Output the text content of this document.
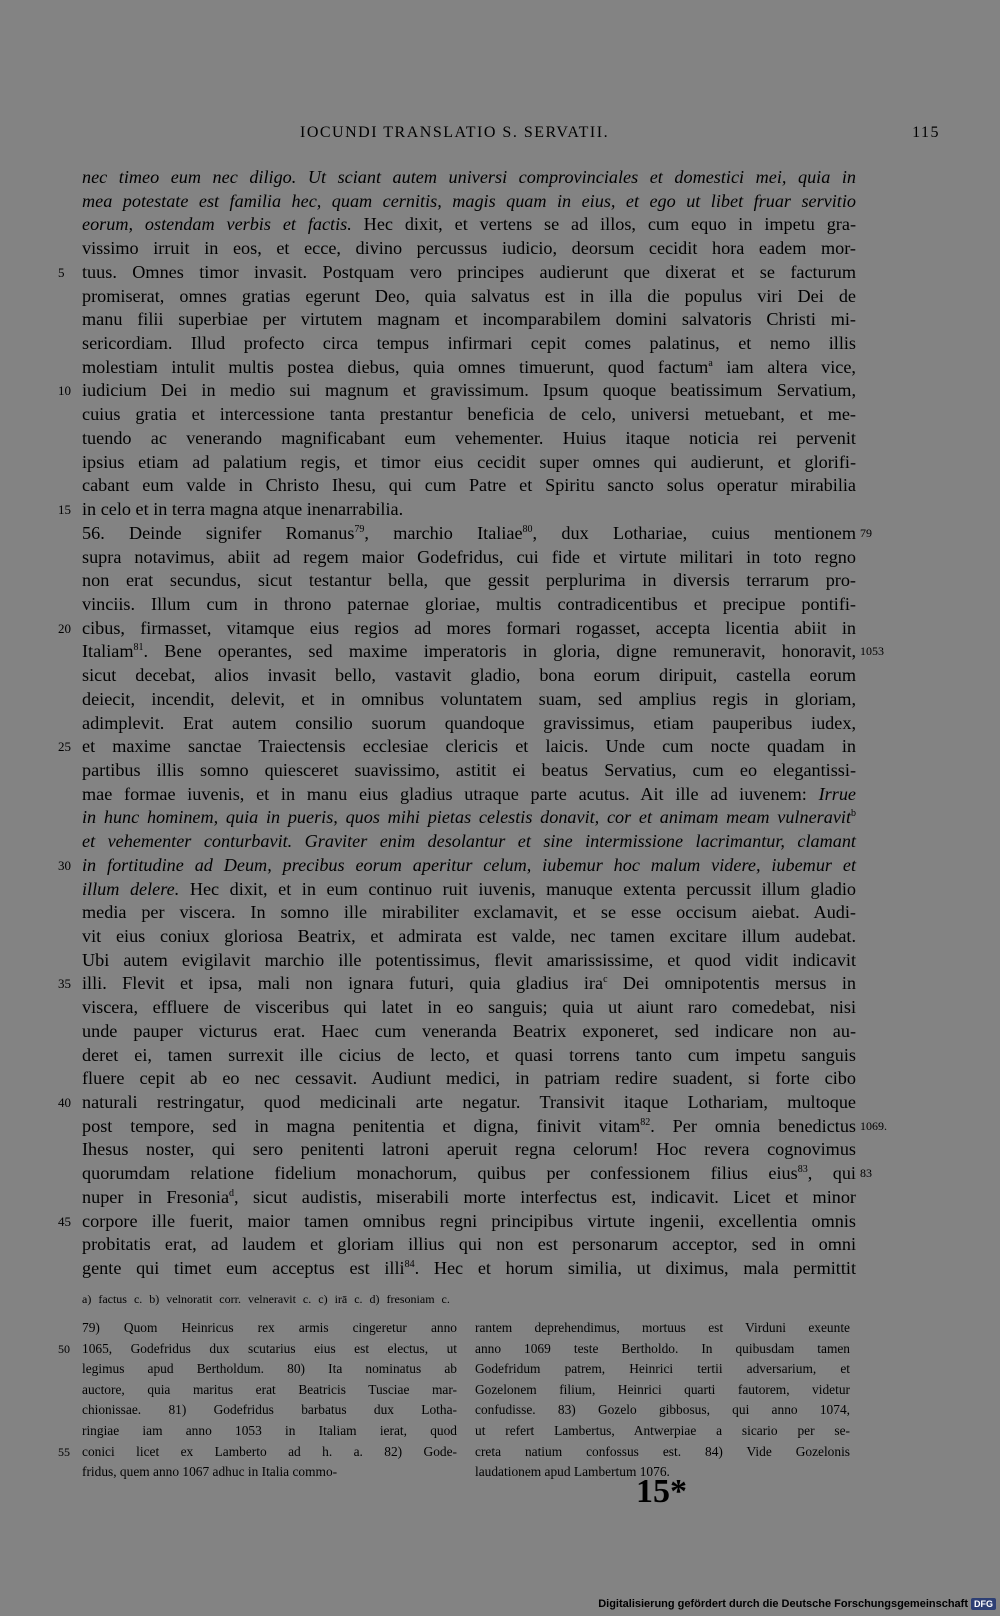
IOCUNDI TRANSLATIO S. SERVATII.	115
nec timeo eum nec diligo. Ut sciant autem universi comprovinciales et domestici mei, quia in
mea potestate est familia hec, quam cernitis, magis quam in eius, et ego ut libet fruar servitio
eorum, ostendam verbis et factis. Hec dixit, et vertens se ad illos, cum equo in impetu gra-
vissimo irruit in eos, et ecce, divino percussus iudicio, deorsum cecidit hora eadem mor-
5 tuus. Omnes timor invasit. Postquam vero principes audierunt que dixerat et se facturum
promiserat, omnes gratias egerunt Deo, quia salvatus est in illa die populus viri Dei de
manu filii superbiae per virtutem magnam et incomparabilem domini salvatoris Christi mi-
sericordiam. Illud profecto circa tempus infirmari cepit comes palatinus, et nemo illis
molestiam intulit multis postea diebus, quia omnes timuerunt, quod factum$^a$ iam altera vice,
10 iudicium Dei in medio sui magnum et gravissimum. Ipsum quoque beatissimum Servatium,
cuius gratia et intercessione tanta prestantur beneficia de celo, universi metuebant, et me-
tuendo ac venerando magnificabant eum vehementer. Huius itaque noticia rei pervenit
ipsius etiam ad palatium regis, et timor eius cecidit super omnes qui audierunt, et glorifi-
cabant eum valde in Christo Ihesu, qui cum Patre et Spiritu sancto solus operatur mirabilia
15 in celo et in terra magna atque inenarrabilia.
56. Deinde signifer Romanus$^{79}$, marchio Italiae$^{80}$, dux Lothariae, cuius mentionem 79
supra notavimus, abiit ad regem maior Godefridus, cui fide et virtute militari in toto regno
non erat secundus, sicut testantur bella, que gessit perplurima in diversis terrarum pro-
vinciis. Illum cum in throno paternae gloriae, multis contradicentibus et precipue pontifi-
20 cibus, firmasset, vitamque eius regios ad mores formari rogasset, accepta licentia abiit in
Italiam$^{81}$. Bene operantes, sed maxime imperatoris in gloria, digne remuneravit, honoravit, 1053
sicut decebat, alios invasit bello, vastavit gladio, bona eorum diripuit, castella eorum
deiecit, incendit, delevit, et in omnibus voluntatem suam, sed amplius regis in gloriam,
adimplevit. Erat autem consilio suorum quandoque gravissimus, etiam pauperibus iudex,
25 et maxime sanctae Traiectensis ecclesiae clericis et laicis. Unde cum nocte quadam in
partibus illis somno quiesceret suavissimo, astitit ei beatus Servatius, cum eo elegantissi-
mae formae iuvenis, et in manu eius gladius utraque parte acutus. Ait ille ad iuvenem: Irrue
in hunc hominem, quia in pueris, quos mihi pietas celestis donavit, cor et animam meam vulneravit$^b$
et vehementer conturbavit. Graviter enim desolantur et sine intermissione lacrimantur, clamant
30 in fortitudine ad Deum, precibus eorum aperitur celum, iubemur hoc malum videre, iubemur et
illum delere. Hec dixit, et in eum continuo ruit iuvenis, manuque extenta percussit illum gladio
media per viscera. In somno ille mirabiliter exclamavit, et se esse occisum aiebat. Audi-
vit eius coniux gloriosa Beatrix, et admirata est valde, nec tamen excitare illum audebat.
Ubi autem evigilavit marchio ille potentissimus, flevit amarississime, et quod vidit indicavit
35 illi. Flevit et ipsa, mali non ignara futuri, quia gladius ira$^c$ Dei omnipotentis mersus in
viscera, effluere de visceribus qui latet in eo sanguis; quia ut aiunt raro comedebat, nisi
unde pauper victurus erat. Haec cum veneranda Beatrix exponeret, sed indicare non au-
deret ei, tamen surrexit ille cicius de lecto, et quasi torrens tanto cum impetu sanguis
fluere cepit ab eo nec cessavit. Audiunt medici, in patriam redire suadent, si forte cibo
40 naturali restringatur, quod medicinali arte negatur. Transivit itaque Lothariam, multoque
post tempore, sed in magna penitentia et digna, finivit vitam$^{82}$. Per omnia benedictus 1069.
Ihesus noster, qui sero penitenti latroni aperuit regna celorum! Hoc revera cognovimus
quorumdam relatione fidelium monachorum, quibus per confessionem filius eius$^{83}$, qui 83
nuper in Fresonia$^d$, sicut audistis, miserabili morte interfectus est, indicavit. Licet et minor
45 corpore ille fuerit, maior tamen omnibus regni principibus virtute ingenii, excellentia omnis
probitatis erat, ad laudem et gloriam illius qui non est personarum acceptor, sed in omni
gente qui timet eum acceptus est illi$^{84}$. Hec et horum similia, ut diximus, mala permittit
a) factus c. b) velnoratit corr. velneravit c. c) irā c. d) fresoniam c.
79) Quom Heinricus rex armis cingeretur anno
50 1065, Godefridus dux scutarius eius est electus, ut
legimus apud Bertholdum. 80) Ita nominatus ab
auctore, quia maritus erat Beatricis Tusciae mar-
chionissae. 81) Godefridus barbatus dux Lotha-
ringiae iam anno 1053 in Italiam ierat, quod
55 conici licet ex Lamberto ad h. a. 82) Gode-
fridus, quem anno 1067 adhuc in Italia commo-
rantem deprehendimus, mortuus est Virduni exeunte
anno 1069 teste Bertholdo. In quibusdam tamen
Godefridum patrem, Heinrici tertii adversarium, et
Gozelonem filium, Heinrici quarti fautorem, videtur
confudisse. 83) Gozelo gibbosus, qui anno 1074,
ut refert Lambertus, Antwerpiae a sicario per se-
creta natium confossus est. 84) Vide Gozelonis
laudationem apud Lambertum 1076.
15*
Digitalisierung gefördert durch die Deutsche Forschungsgemeinschaft DFG
